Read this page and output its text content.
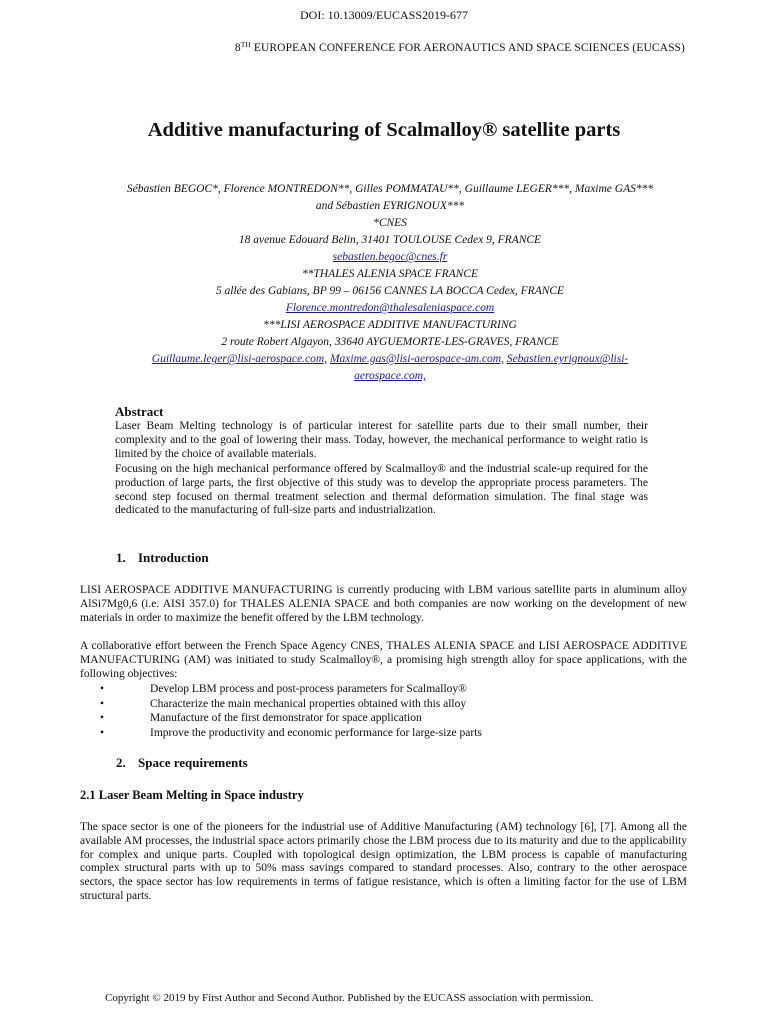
DOI: 10.13009/EUCASS2019-677
8TH EUROPEAN CONFERENCE FOR AERONAUTICS AND SPACE SCIENCES (EUCASS)
Additive manufacturing of Scalmalloy® satellite parts
Sébastien BEGOC*, Florence MONTREDON**, Gilles POMMATAU**, Guillaume LEGER***, Maxime GAS***
and Sébastien EYRIGNOUX***
*CNES
18 avenue Edouard Belin, 31401 TOULOUSE Cedex 9, FRANCE
sebastien.begoc@cnes.fr
**THALES ALENIA SPACE FRANCE
5 allée des Gabians, BP 99 – 06156 CANNES LA BOCCA Cedex, FRANCE
Florence.montredon@thalesaleniaspace.com
***LISI AEROSPACE ADDITIVE MANUFACTURING
2 route Robert Algayon, 33640 AYGUEMORTE-LES-GRAVES, FRANCE
Guillaume.leger@lisi-aerospace.com, Maxime.gas@lisi-aerospace-am.com, Sebastien.eyrignoux@lisi-
aerospace.com,
Abstract
Laser Beam Melting technology is of particular interest for satellite parts due to their small number, their complexity and to the goal of lowering their mass. Today, however, the mechanical performance to weight ratio is limited by the choice of available materials.
Focusing on the high mechanical performance offered by Scalmalloy® and the industrial scale-up required for the production of large parts, the first objective of this study was to develop the appropriate process parameters. The second step focused on thermal treatment selection and thermal deformation simulation. The final stage was dedicated to the manufacturing of full-size parts and industrialization.
1. Introduction
LISI AEROSPACE ADDITIVE MANUFACTURING is currently producing with LBM various satellite parts in aluminum alloy AlSi7Mg0,6 (i.e. AISI 357.0) for THALES ALENIA SPACE and both companies are now working on the development of new materials in order to maximize the benefit offered by the LBM technology.
A collaborative effort between the French Space Agency CNES, THALES ALENIA SPACE and LISI AEROSPACE ADDITIVE MANUFACTURING (AM) was initiated to study Scalmalloy®, a promising high strength alloy for space applications, with the following objectives:
•	Develop LBM process and post-process parameters for Scalmalloy®
•	Characterize the main mechanical properties obtained with this alloy
•	Manufacture of the first demonstrator for space application
•	Improve the productivity and economic performance for large-size parts
2. Space requirements
2.1 Laser Beam Melting in Space industry
The space sector is one of the pioneers for the industrial use of Additive Manufacturing (AM) technology [6], [7]. Among all the available AM processes, the industrial space actors primarily chose the LBM process due to its maturity and due to the applicability for complex and unique parts. Coupled with topological design optimization, the LBM process is capable of manufacturing complex structural parts with up to 50% mass savings compared to standard processes. Also, contrary to the other aerospace sectors, the space sector has low requirements in terms of fatigue resistance, which is often a limiting factor for the use of LBM structural parts.
Copyright © 2019 by First Author and Second Author. Published by the EUCASS association with permission.
